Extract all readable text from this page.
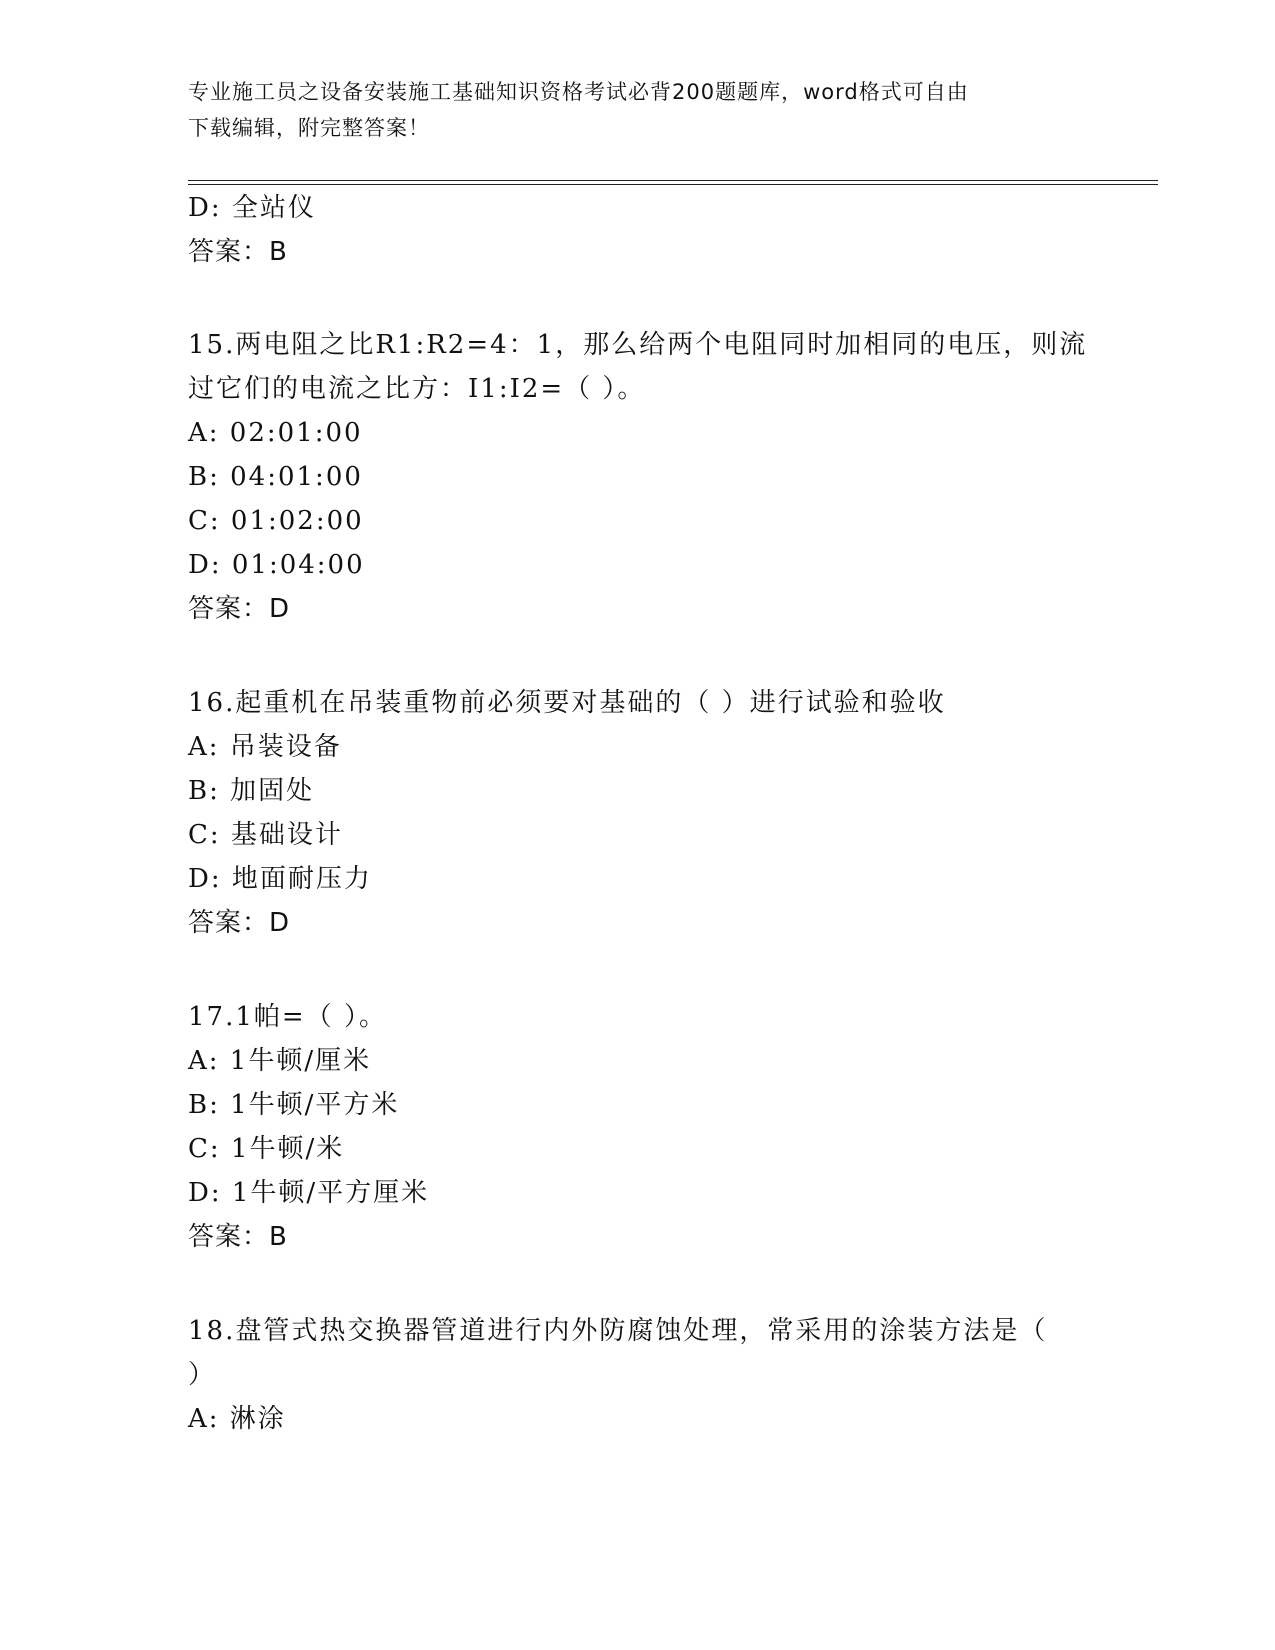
专业施工员之设备安装施工基础知识资格考试必背200题题库，word格式可自由
下载编辑，附完整答案！
D: 全站仪
答案：B
15.两电阻之比R1:R2=4：1，那么给两个电阻同时加相同的电压，则流
过它们的电流之比方：I1:I2=（ ）。
A: 02:01:00
B: 04:01:00
C: 01:02:00
D: 01:04:00
答案：D
16.起重机在吊装重物前必须要对基础的（ ）进行试验和验收
A: 吊装设备
B: 加固处
C: 基础设计
D: 地面耐压力
答案：D
17.1帕=（ ）。
A: 1牛顿/厘米
B: 1牛顿/平方米
C: 1牛顿/米
D: 1牛顿/平方厘米
答案：B
18.盘管式热交换器管道进行内外防腐蚀处理，常采用的涂装方法是（
）
A: 淋涂
